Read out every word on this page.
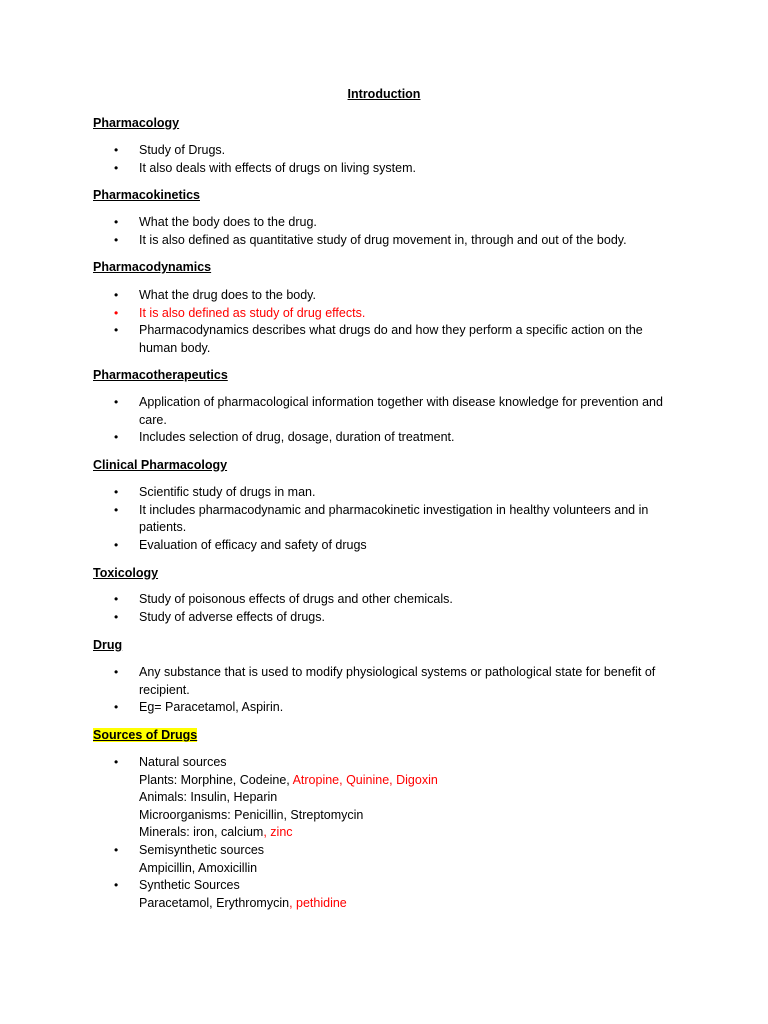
Introduction
Pharmacology
• Study of Drugs.
• It also deals with effects of drugs on living system.
Pharmacokinetics
• What the body does to the drug.
• It is also defined as quantitative study of drug movement in, through and out of the body.
Pharmacodynamics
• What the drug does to the body.
• It is also defined as study of drug effects.
• Pharmacodynamics describes what drugs do and how they perform a specific action on the human body.
Pharmacotherapeutics
• Application of pharmacological information together with disease knowledge for prevention and care.
• Includes selection of drug, dosage, duration of treatment.
Clinical Pharmacology
• Scientific study of drugs in man.
• It includes pharmacodynamic and pharmacokinetic investigation in healthy volunteers and in patients.
• Evaluation of efficacy and safety of drugs
Toxicology
• Study of poisonous effects of drugs and other chemicals.
• Study of adverse effects of drugs.
Drug
• Any substance that is used to modify physiological systems or pathological state for benefit of recipient.
• Eg= Paracetamol, Aspirin.
Sources of Drugs
• Natural sources
Plants: Morphine, Codeine, Atropine, Quinine, Digoxin
Animals: Insulin, Heparin
Microorganisms: Penicillin, Streptomycin
Minerals: iron, calcium, zinc
• Semisynthetic sources
Ampicillin, Amoxicillin
• Synthetic Sources
Paracetamol, Erythromycin, pethidine
